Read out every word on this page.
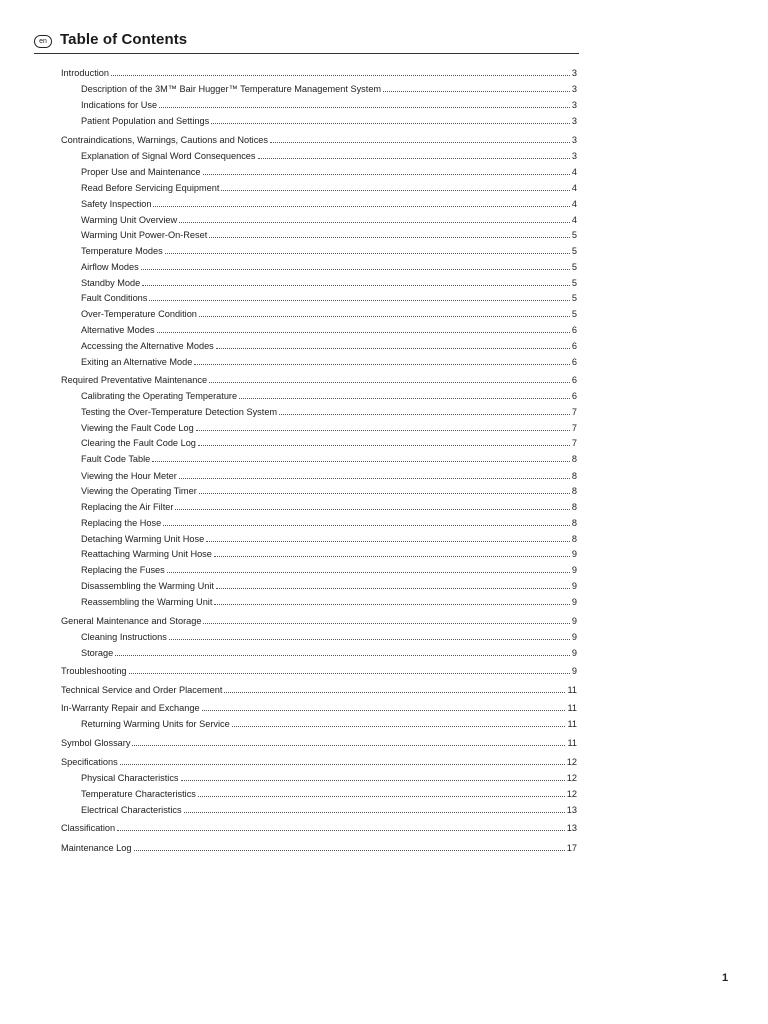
en Table of Contents
Introduction	3
Description of the 3M™ Bair Hugger™ Temperature Management System	3
Indications for Use	3
Patient Population and Settings	3
Contraindications, Warnings, Cautions and Notices	3
Explanation of Signal Word Consequences	3
Proper Use and Maintenance	4
Read Before Servicing Equipment	4
Safety Inspection	4
Warming Unit Overview	4
Warming Unit Power-On-Reset	5
Temperature Modes	5
Airflow Modes	5
Standby Mode	5
Fault Conditions	5
Over-Temperature Condition	5
Alternative Modes	6
Accessing the Alternative Modes	6
Exiting an Alternative Mode	6
Required Preventative Maintenance	6
Calibrating the Operating Temperature	6
Testing the Over-Temperature Detection System	7
Viewing the Fault Code Log	7
Clearing the Fault Code Log	7
Fault Code Table	8
Viewing the Hour Meter	8
Viewing the Operating Timer	8
Replacing the Air Filter	8
Replacing the Hose	8
Detaching Warming Unit Hose	8
Reattaching Warming Unit Hose	9
Replacing the Fuses	9
Disassembling the Warming Unit	9
Reassembling the Warming Unit	9
General Maintenance and Storage	9
Cleaning Instructions	9
Storage	9
Troubleshooting	9
Technical Service and Order Placement	11
In-Warranty Repair and Exchange	11
Returning Warming Units for Service	11
Symbol Glossary	11
Specifications	12
Physical Characteristics	12
Temperature Characteristics	12
Electrical Characteristics	13
Classification	13
Maintenance Log	17
1
